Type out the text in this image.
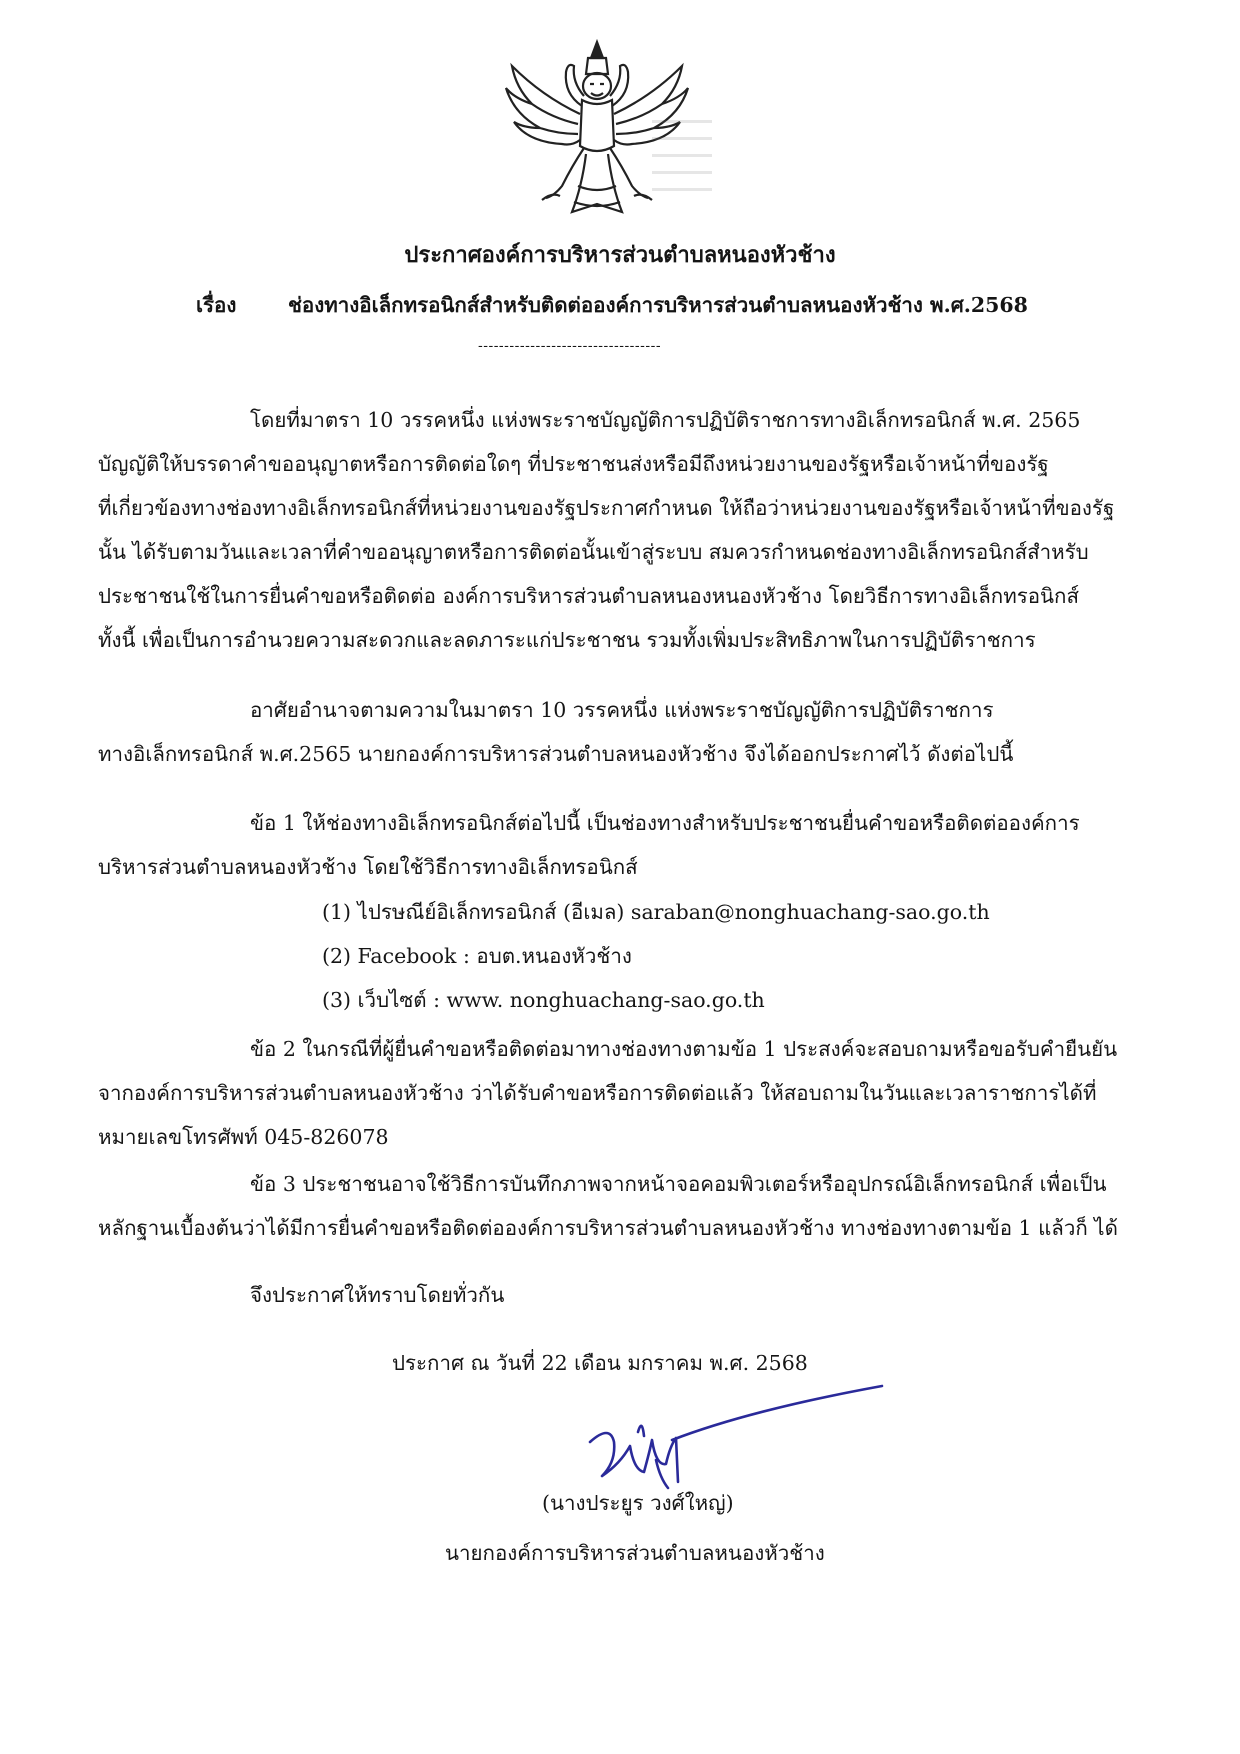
ประกาศองค์การบริหารส่วนตำบลหนองหัวช้าง
เรื่อง	ช่องทางอิเล็กทรอนิกส์สำหรับติดต่อองค์การบริหารส่วนตำบลหนองหัวช้าง พ.ศ.2568
-----------------------------------
โดยที่มาตรา 10 วรรคหนึ่ง แห่งพระราชบัญญัติการปฏิบัติราชการทางอิเล็กทรอนิกส์ พ.ศ. 2565
บัญญัติให้บรรดาคำขออนุญาตหรือการติดต่อใดๆ ที่ประชาชนส่งหรือมีถึงหน่วยงานของรัฐหรือเจ้าหน้าที่ของรัฐ
ที่เกี่ยวข้องทางช่องทางอิเล็กทรอนิกส์ที่หน่วยงานของรัฐประกาศกำหนด ให้ถือว่าหน่วยงานของรัฐหรือเจ้าหน้าที่ของรัฐ
นั้น ได้รับตามวันและเวลาที่คำขออนุญาตหรือการติดต่อนั้นเข้าสู่ระบบ สมควรกำหนดช่องทางอิเล็กทรอนิกส์สำหรับ
ประชาชนใช้ในการยื่นคำขอหรือติดต่อ องค์การบริหารส่วนตำบลหนองหนองหัวช้าง โดยวิธีการทางอิเล็กทรอนิกส์
ทั้งนี้ เพื่อเป็นการอำนวยความสะดวกและลดภาระแก่ประชาชน รวมทั้งเพิ่มประสิทธิภาพในการปฏิบัติราชการ
อาศัยอำนาจตามความในมาตรา 10 วรรคหนึ่ง แห่งพระราชบัญญัติการปฏิบัติราชการ
ทางอิเล็กทรอนิกส์ พ.ศ.2565 นายกองค์การบริหารส่วนตำบลหนองหัวช้าง จึงได้ออกประกาศไว้ ดังต่อไปนี้
ข้อ 1 ให้ช่องทางอิเล็กทรอนิกส์ต่อไปนี้ เป็นช่องทางสำหรับประชาชนยื่นคำขอหรือติดต่อองค์การ
บริหารส่วนตำบลหนองหัวช้าง โดยใช้วิธีการทางอิเล็กทรอนิกส์
(1) ไปรษณีย์อิเล็กทรอนิกส์ (อีเมล) saraban@nonghuachang-sao.go.th
(2) Facebook : อบต.หนองหัวช้าง
(3) เว็บไซต์ : www. nonghuachang-sao.go.th
ข้อ 2 ในกรณีที่ผู้ยื่นคำขอหรือติดต่อมาทางช่องทางตามข้อ 1 ประสงค์จะสอบถามหรือขอรับคำยืนยัน
จากองค์การบริหารส่วนตำบลหนองหัวช้าง ว่าได้รับคำขอหรือการติดต่อแล้ว ให้สอบถามในวันและเวลาราชการได้ที่
หมายเลขโทรศัพท์ 045-826078
ข้อ 3 ประชาชนอาจใช้วิธีการบันทึกภาพจากหน้าจอคอมพิวเตอร์หรืออุปกรณ์อิเล็กทรอนิกส์ เพื่อเป็น
หลักฐานเบื้องต้นว่าได้มีการยื่นคำขอหรือติดต่อองค์การบริหารส่วนตำบลหนองหัวช้าง ทางช่องทางตามข้อ 1 แล้วก็ ได้
จึงประกาศให้ทราบโดยทั่วกัน
ประกาศ ณ วันที่ 22 เดือน มกราคม พ.ศ. 2568
(นางประยูร วงศ์ใหญ่)
นายกองค์การบริหารส่วนตำบลหนองหัวช้าง
